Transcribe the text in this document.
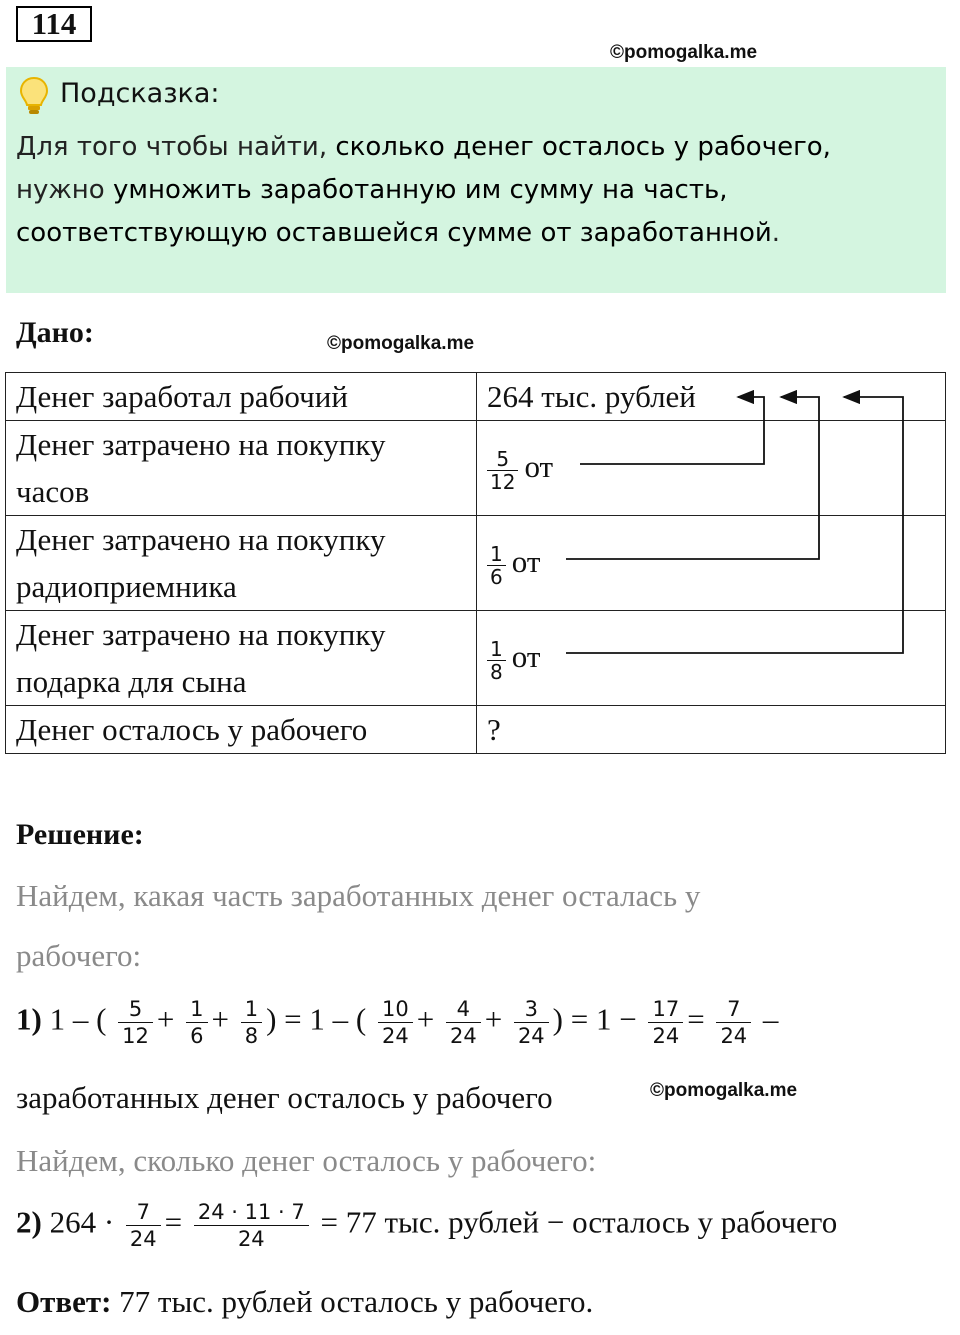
114
©pomogalka.me
Подсказка:
Для того чтобы найти, сколько денег осталось у рабочего,
нужно умножить заработанную им сумму на часть,
соответствующую оставшейся сумме от заработанной.
Дано:	©pomogalka.me
Денег заработал рабочий	264 тыс. рублей
Денег затрачено на покупку
часов	$\frac{5}{12}$ от
Денег затрачено на покупку
радиоприемника	$\frac{1}{6}$ от
Денег затрачено на покупку
подарка для сына	$\frac{1}{8}$ от
Денег осталось у рабочего	?
Решение:
Найдем, какая часть заработанных денег осталась у
рабочего:
1) 1 – ( $\frac{5}{12} + \frac{1}{6} + \frac{1}{8}$ ) = 1 – ( $\frac{10}{24} + \frac{4}{24} + \frac{3}{24}$ ) = $1 - \frac{17}{24} = \frac{7}{24}$ –
заработанных денег осталось у рабочего	©pomogalka.me
Найдем, сколько денег осталось у рабочего:
2) $264 \cdot \frac{7}{24} = \frac{24 \cdot 11 \cdot 7}{24} = 77$ тыс. рублей − осталось у рабочего
Ответ: 77 тыс. рублей осталось у рабочего.
